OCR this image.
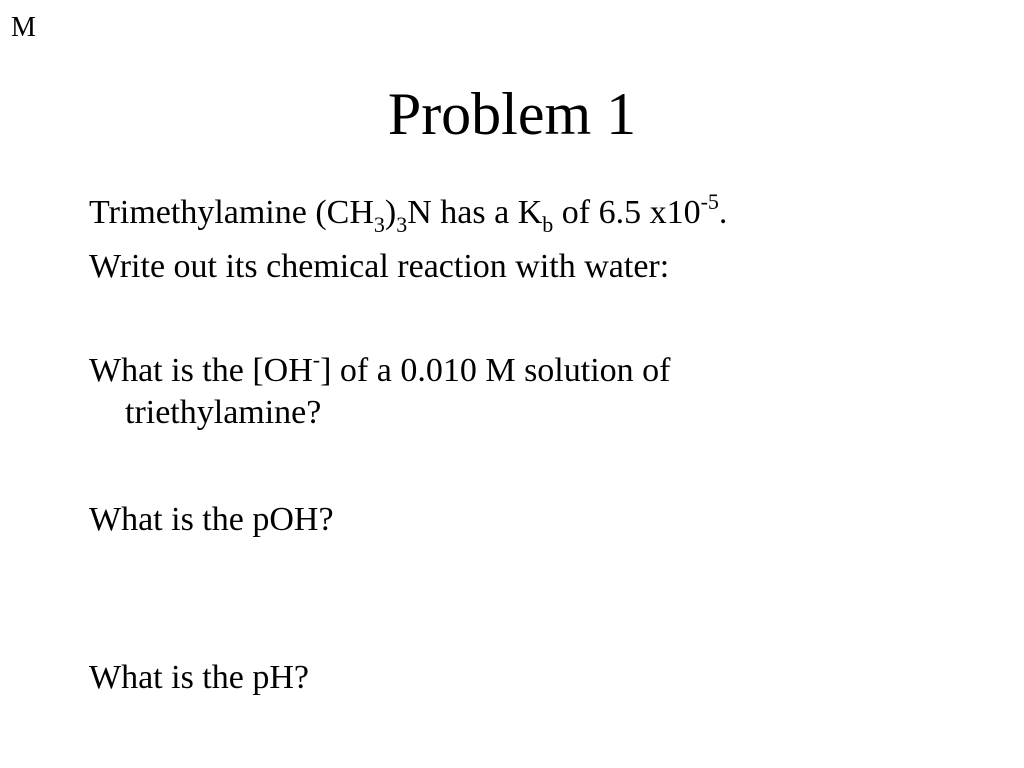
M
Problem 1
Trimethylamine $(CH_3)_3N$ has a $K_b$ of 6.5 $x10^{-5}$.
Write out its chemical reaction with water:
What is the [OH-] of a 0.010 M solution of
triethylamine?
What is the pOH?
What is the pH?
